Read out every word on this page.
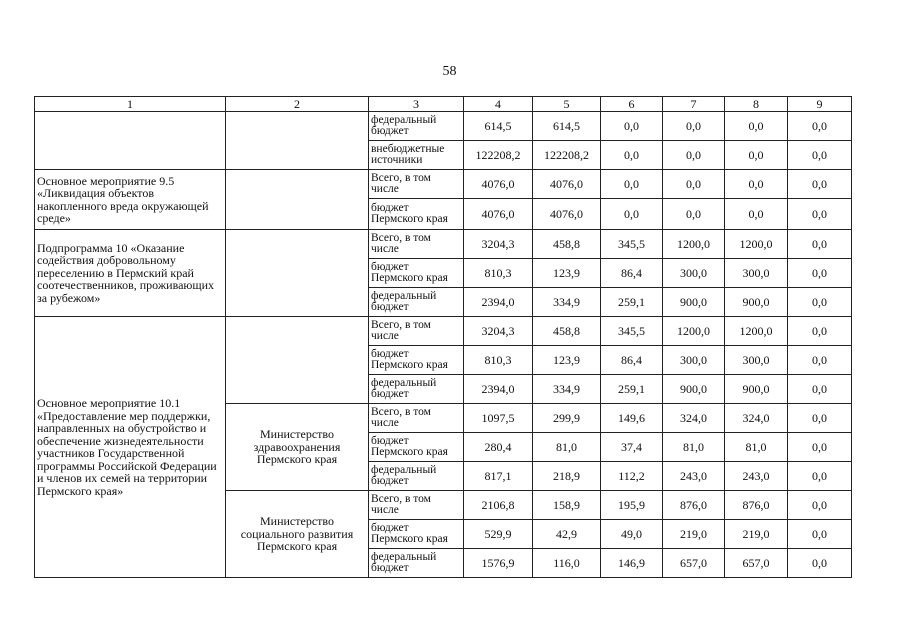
58
1	2	3	4	5	6	7	8	9
		федеральный бюджет	614,5	614,5	0,0	0,0	0,0	0,0
		внебюджетные источники	122208,2	122208,2	0,0	0,0	0,0	0,0
Основное мероприятие 9.5 «Ликвидация объектов накопленного вреда окружающей среде»		Всего, в том числе	4076,0	4076,0	0,0	0,0	0,0	0,0
		бюджет Пермского края	4076,0	4076,0	0,0	0,0	0,0	0,0
Подпрограмма 10 «Оказание содействия добровольному переселению в Пермский край соотечественников, проживающих за рубежом»		Всего, в том числе	3204,3	458,8	345,5	1200,0	1200,0	0,0
		бюджет Пермского края	810,3	123,9	86,4	300,0	300,0	0,0
		федеральный бюджет	2394,0	334,9	259,1	900,0	900,0	0,0
Основное мероприятие 10.1 «Предоставление мер поддержки, направленных на обустройство и обеспечение жизнедеятельности участников Государственной программы Российской Федерации и членов их семей на территории Пермского края»		Всего, в том числе	3204,3	458,8	345,5	1200,0	1200,0	0,0
		бюджет Пермского края	810,3	123,9	86,4	300,0	300,0	0,0
		федеральный бюджет	2394,0	334,9	259,1	900,0	900,0	0,0
	Министерство здравоохранения Пермского края	Всего, в том числе	1097,5	299,9	149,6	324,0	324,0	0,0
		бюджет Пермского края	280,4	81,0	37,4	81,0	81,0	0,0
		федеральный бюджет	817,1	218,9	112,2	243,0	243,0	0,0
	Министерство социального развития Пермского края	Всего, в том числе	2106,8	158,9	195,9	876,0	876,0	0,0
		бюджет Пермского края	529,9	42,9	49,0	219,0	219,0	0,0
		федеральный бюджет	1576,9	116,0	146,9	657,0	657,0	0,0
